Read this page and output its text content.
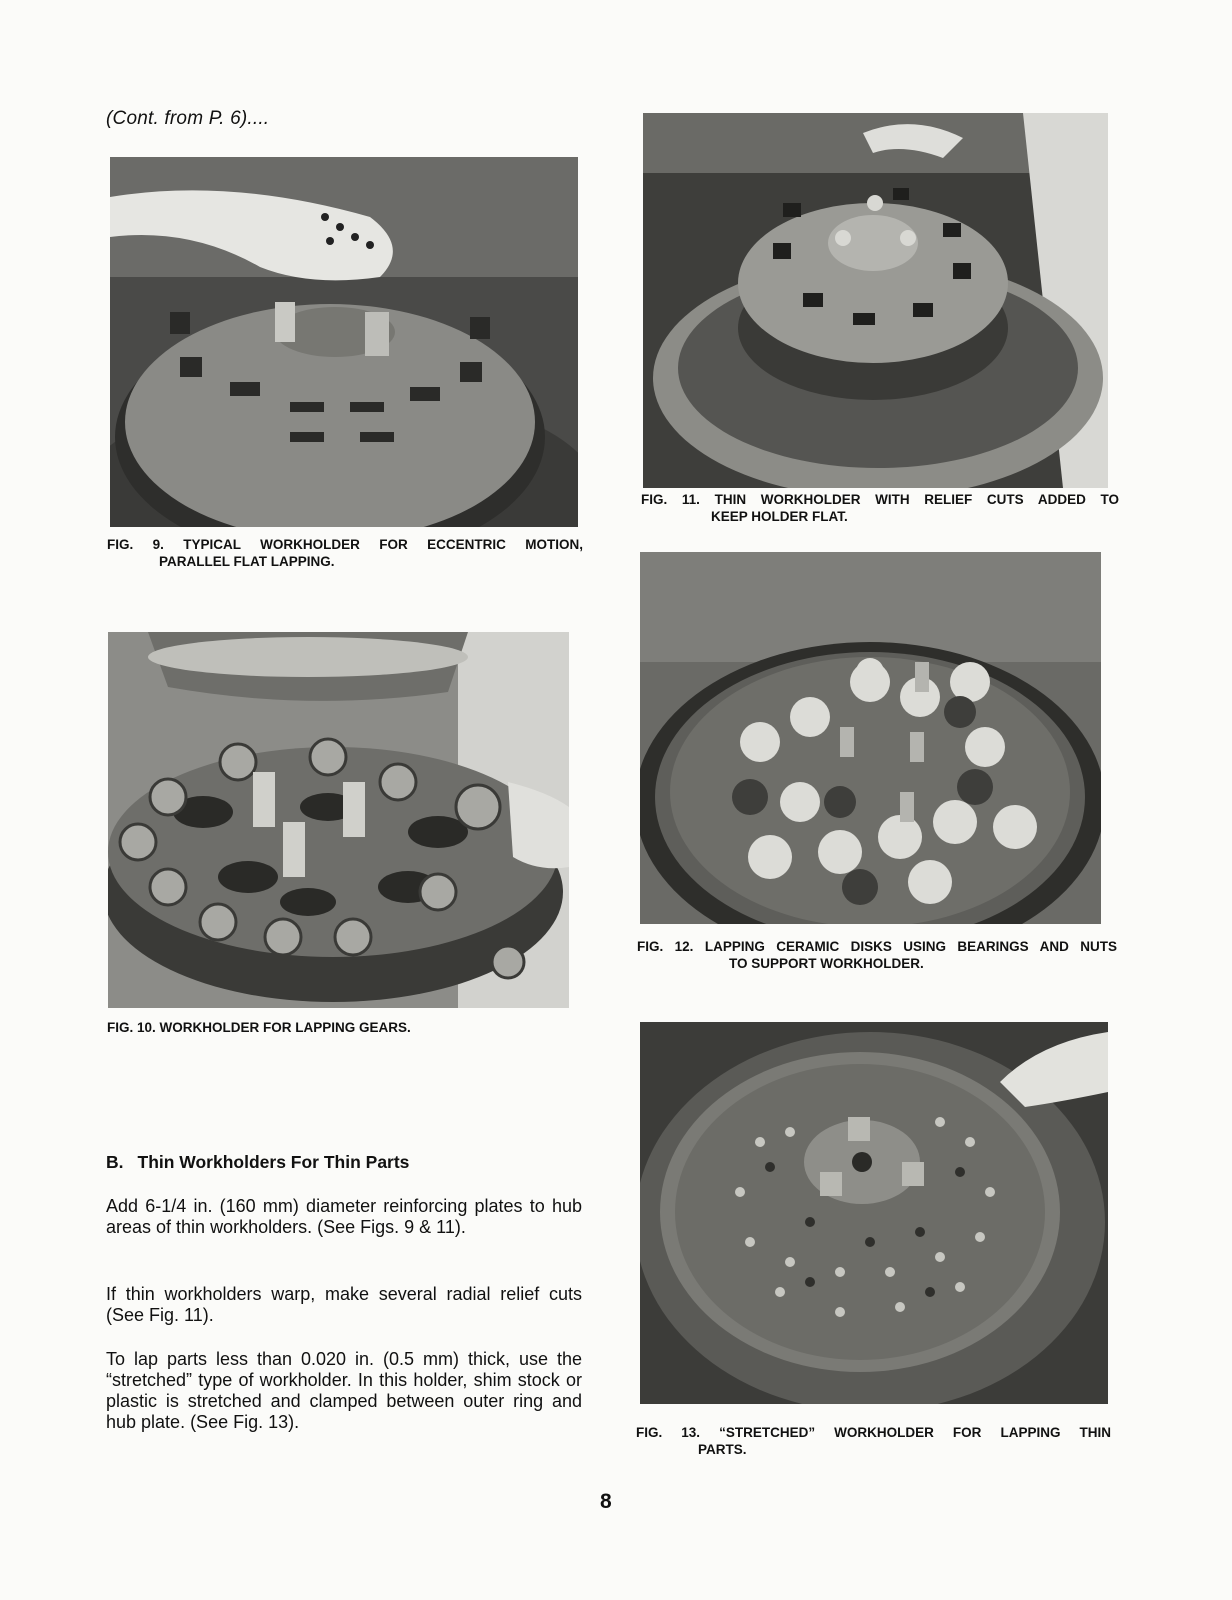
(Cont. from P. 6)....
FIG. 9. TYPICAL WORKHOLDER FOR ECCENTRIC MOTION,
PARALLEL FLAT LAPPING.
FIG. 10. WORKHOLDER FOR LAPPING GEARS.
FIG. 11. THIN WORKHOLDER WITH RELIEF CUTS ADDED TO
KEEP HOLDER FLAT.
FIG. 12. LAPPING CERAMIC DISKS USING BEARINGS AND NUTS
TO SUPPORT WORKHOLDER.
FIG. 13. “STRETCHED” WORKHOLDER FOR LAPPING THIN
PARTS.
B. Thin Workholders For Thin Parts
Add 6-1/4 in. (160 mm) diameter reinforcing plates to hub areas of thin workholders. (See Figs. 9 & 11).
If thin workholders warp, make several radial relief cuts (See Fig. 11).
To lap parts less than 0.020 in. (0.5 mm) thick, use the “stretched” type of workholder. In this holder, shim stock or plastic is stretched and clamped between outer ring and hub plate. (See Fig. 13).
8
